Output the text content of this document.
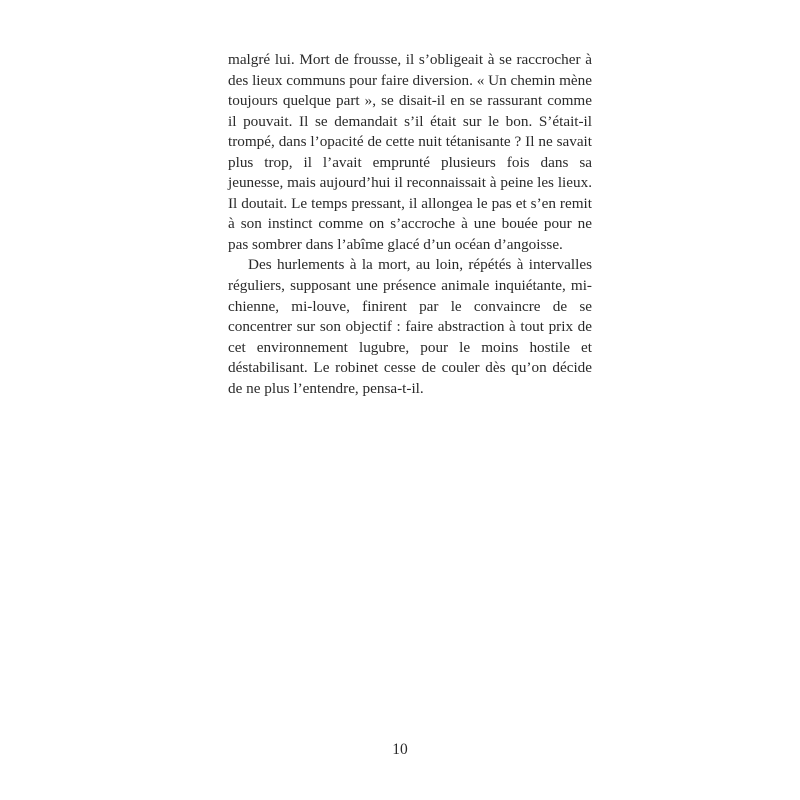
malgré lui. Mort de frousse, il s’obligeait à se raccrocher à des lieux communs pour faire diversion. « Un chemin mène toujours quelque part », se disait-il en se rassurant comme il pouvait. Il se demandait s’il était sur le bon. S’était-il trompé, dans l’opacité de cette nuit tétanisante ? Il ne savait plus trop, il l’avait emprunté plusieurs fois dans sa jeunesse, mais aujourd’hui il reconnaissait à peine les lieux. Il doutait. Le temps pressant, il allongea le pas et s’en remit à son instinct comme on s’accroche à une bouée pour ne pas sombrer dans l’abîme glacé d’un océan d’angoisse.

Des hurlements à la mort, au loin, répétés à intervalles réguliers, supposant une présence animale inquiétante, mi-chienne, mi-louve, finirent par le convaincre de se concentrer sur son objectif : faire abstraction à tout prix de cet environnement lugubre, pour le moins hostile et déstabilisant. Le robinet cesse de couler dès qu’on décide de ne plus l’entendre, pensa-t-il.

10
